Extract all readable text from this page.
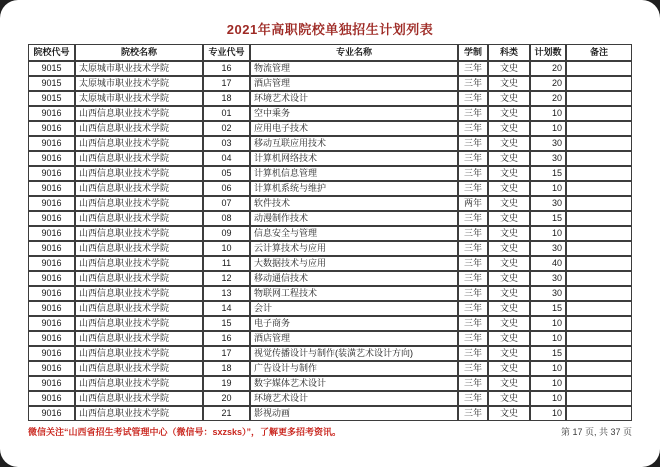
2021年高职院校单独招生计划列表
院校代号	院校名称	专业代号	专业名称	学制	科类	计划数	备注
9015	太原城市职业技术学院	16	物流管理	三年	文史	20	
9015	太原城市职业技术学院	17	酒店管理	三年	文史	20	
9015	太原城市职业技术学院	18	环境艺术设计	三年	文史	20	
9016	山西信息职业技术学院	01	空中乘务	三年	文史	10	
9016	山西信息职业技术学院	02	应用电子技术	三年	文史	10	
9016	山西信息职业技术学院	03	移动互联应用技术	三年	文史	30	
9016	山西信息职业技术学院	04	计算机网络技术	三年	文史	30	
9016	山西信息职业技术学院	05	计算机信息管理	三年	文史	15	
9016	山西信息职业技术学院	06	计算机系统与维护	三年	文史	10	
9016	山西信息职业技术学院	07	软件技术	两年	文史	30	
9016	山西信息职业技术学院	08	动漫制作技术	三年	文史	15	
9016	山西信息职业技术学院	09	信息安全与管理	三年	文史	10	
9016	山西信息职业技术学院	10	云计算技术与应用	三年	文史	30	
9016	山西信息职业技术学院	11	大数据技术与应用	三年	文史	40	
9016	山西信息职业技术学院	12	移动通信技术	三年	文史	30	
9016	山西信息职业技术学院	13	物联网工程技术	三年	文史	30	
9016	山西信息职业技术学院	14	会计	三年	文史	15	
9016	山西信息职业技术学院	15	电子商务	三年	文史	10	
9016	山西信息职业技术学院	16	酒店管理	三年	文史	10	
9016	山西信息职业技术学院	17	视觉传播设计与制作(装潢艺术设计方向)	三年	文史	15	
9016	山西信息职业技术学院	18	广告设计与制作	三年	文史	10	
9016	山西信息职业技术学院	19	数字媒体艺术设计	三年	文史	10	
9016	山西信息职业技术学院	20	环境艺术设计	三年	文史	10	
9016	山西信息职业技术学院	21	影视动画	三年	文史	10	
微信关注“山西省招生考试管理中心（微信号：sxzsks）”，了解更多招考资讯。	第 17 页, 共 37 页
